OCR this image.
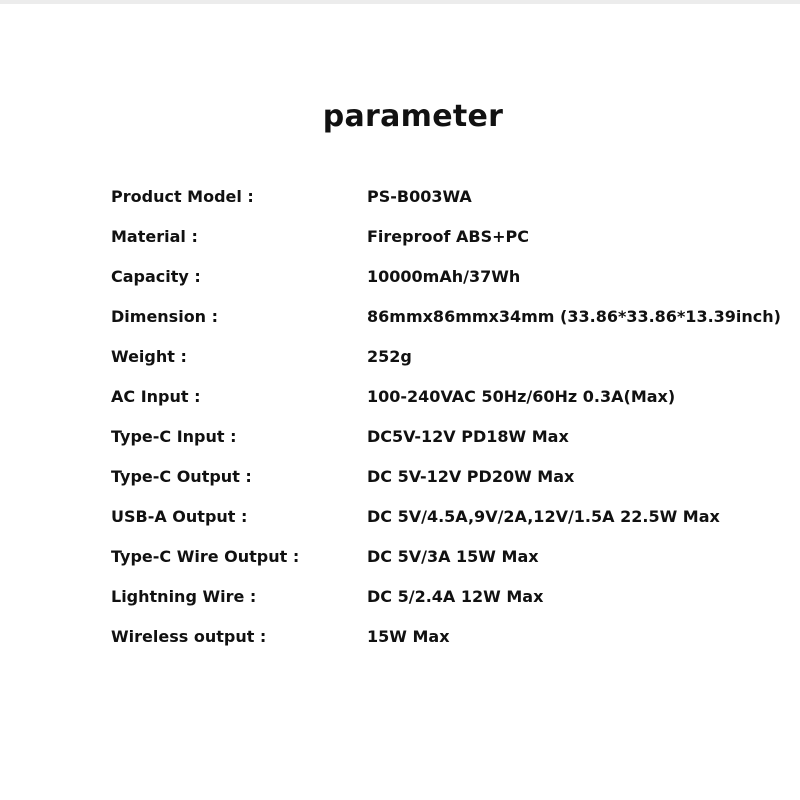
parameter
Product Model :	PS-B003WA
Material :	Fireproof ABS+PC
Capacity :	10000mAh/37Wh
Dimension :	86mmx86mmx34mm (33.86*33.86*13.39inch)
Weight :	252g
AC Input :	100-240VAC 50Hz/60Hz 0.3A(Max)
Type-C Input :	DC5V-12V PD18W Max
Type-C Output :	DC 5V-12V PD20W Max
USB-A Output :	DC 5V/4.5A,9V/2A,12V/1.5A 22.5W Max
Type-C Wire Output :	DC 5V/3A 15W Max
Lightning Wire :	DC 5/2.4A 12W Max
Wireless output :	15W Max
